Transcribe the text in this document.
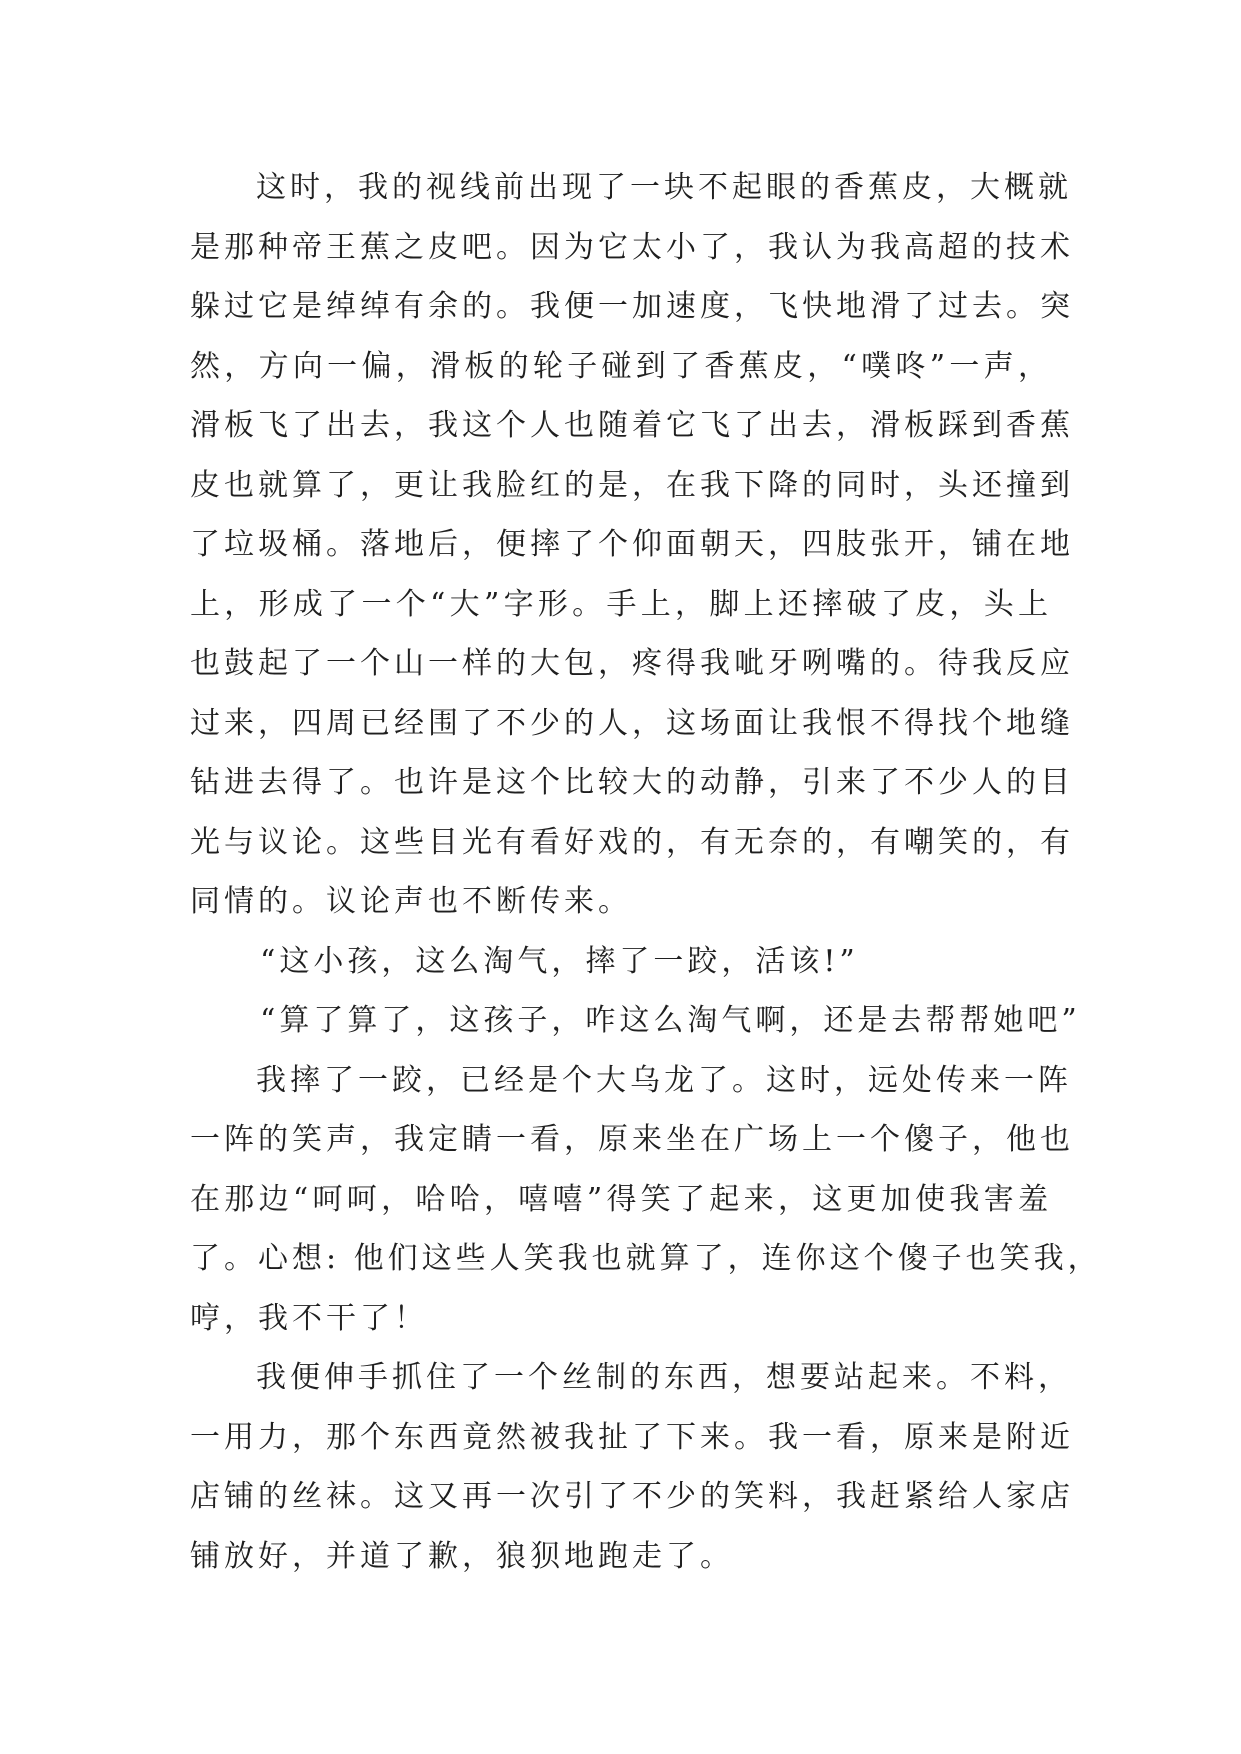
这时，我的视线前出现了一块不起眼的香蕉皮，大概就
是那种帝王蕉之皮吧。因为它太小了，我认为我高超的技术
躲过它是绰绰有余的。我便一加速度，飞快地滑了过去。突
然，方向一偏，滑板的轮子碰到了香蕉皮，“噗咚”一声，
滑板飞了出去，我这个人也随着它飞了出去，滑板踩到香蕉
皮也就算了，更让我脸红的是，在我下降的同时，头还撞到
了垃圾桶。落地后，便摔了个仰面朝天，四肢张开，铺在地
上，形成了一个“大”字形。手上，脚上还摔破了皮，头上
也鼓起了一个山一样的大包，疼得我呲牙咧嘴的。待我反应
过来，四周已经围了不少的人，这场面让我恨不得找个地缝
钻进去得了。也许是这个比较大的动静，引来了不少人的目
光与议论。这些目光有看好戏的，有无奈的，有嘲笑的，有
同情的。议论声也不断传来。
“这小孩，这么淘气，摔了一跤，活该!”
“算了算了，这孩子，咋这么淘气啊，还是去帮帮她吧”
我摔了一跤，已经是个大乌龙了。这时，远处传来一阵
一阵的笑声，我定睛一看，原来坐在广场上一个傻子，他也
在那边“呵呵，哈哈，嘻嘻”得笑了起来，这更加使我害羞
了。心想: 他们这些人笑我也就算了，连你这个傻子也笑我，
哼，我不干了！
我便伸手抓住了一个丝制的东西，想要站起来。不料，
一用力，那个东西竟然被我扯了下来。我一看，原来是附近
店铺的丝袜。这又再一次引了不少的笑料，我赶紧给人家店
铺放好，并道了歉，狼狈地跑走了。
